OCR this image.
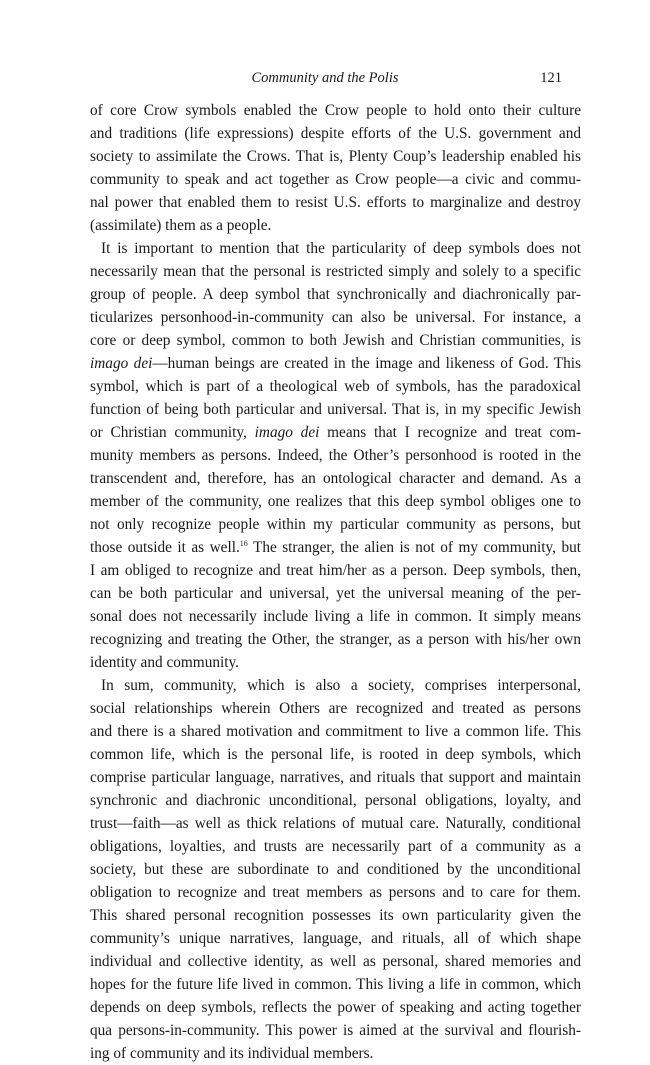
Community and the Polis	121
of core Crow symbols enabled the Crow people to hold onto their culture
and traditions (life expressions) despite efforts of the U.S. government and
society to assimilate the Crows. That is, Plenty Coup’s leadership enabled his
community to speak and act together as Crow people—a civic and commu-
nal power that enabled them to resist U.S. efforts to marginalize and destroy
(assimilate) them as a people.
It is important to mention that the particularity of deep symbols does not
necessarily mean that the personal is restricted simply and solely to a specific
group of people. A deep symbol that synchronically and diachronically par-
ticularizes personhood-in-community can also be universal. For instance, a
core or deep symbol, common to both Jewish and Christian communities, is
imago dei—human beings are created in the image and likeness of God. This
symbol, which is part of a theological web of symbols, has the paradoxical
function of being both particular and universal. That is, in my specific Jewish
or Christian community, imago dei means that I recognize and treat com-
munity members as persons. Indeed, the Other’s personhood is rooted in the
transcendent and, therefore, has an ontological character and demand. As a
member of the community, one realizes that this deep symbol obliges one to
not only recognize people within my particular community as persons, but
those outside it as well.$^{16}$ The stranger, the alien is not of my community, but
I am obliged to recognize and treat him/her as a person. Deep symbols, then,
can be both particular and universal, yet the universal meaning of the per-
sonal does not necessarily include living a life in common. It simply means
recognizing and treating the Other, the stranger, as a person with his/her own
identity and community.
In sum, community, which is also a society, comprises interpersonal,
social relationships wherein Others are recognized and treated as persons
and there is a shared motivation and commitment to live a common life. This
common life, which is the personal life, is rooted in deep symbols, which
comprise particular language, narratives, and rituals that support and maintain
synchronic and diachronic unconditional, personal obligations, loyalty, and
trust—faith—as well as thick relations of mutual care. Naturally, conditional
obligations, loyalties, and trusts are necessarily part of a community as a
society, but these are subordinate to and conditioned by the unconditional
obligation to recognize and treat members as persons and to care for them.
This shared personal recognition possesses its own particularity given the
community’s unique narratives, language, and rituals, all of which shape
individual and collective identity, as well as personal, shared memories and
hopes for the future life lived in common. This living a life in common, which
depends on deep symbols, reflects the power of speaking and acting together
qua persons-in-community. This power is aimed at the survival and flourish-
ing of community and its individual members.
